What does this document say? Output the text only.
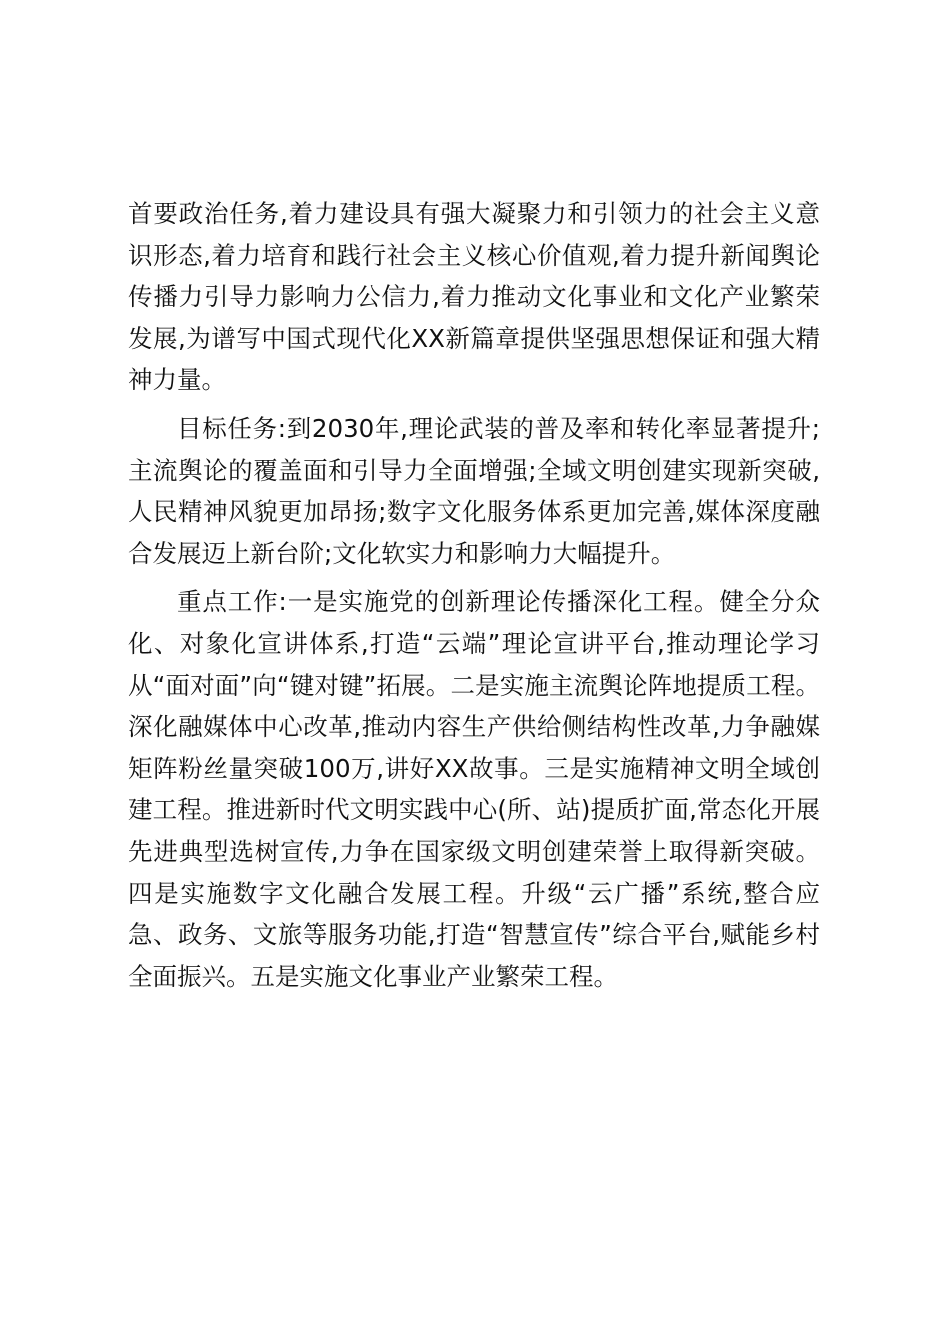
首要政治任务,着力建设具有强大凝聚力和引领力的社会主义意识形态,着力培育和践行社会主义核心价值观,着力提升新闻舆论传播力引导力影响力公信力,着力推动文化事业和文化产业繁荣发展,为谱写中国式现代化XX新篇章提供坚强思想保证和强大精神力量。

目标任务:到2030年,理论武装的普及率和转化率显著提升;主流舆论的覆盖面和引导力全面增强;全域文明创建实现新突破,人民精神风貌更加昂扬;数字文化服务体系更加完善,媒体深度融合发展迈上新台阶;文化软实力和影响力大幅提升。

重点工作:一是实施党的创新理论传播深化工程。健全分众化、对象化宣讲体系,打造“云端”理论宣讲平台,推动理论学习从“面对面”向“键对键”拓展。二是实施主流舆论阵地提质工程。深化融媒体中心改革,推动内容生产供给侧结构性改革,力争融媒矩阵粉丝量突破100万,讲好XX故事。三是实施精神文明全域创建工程。推进新时代文明实践中心(所、站)提质扩面,常态化开展先进典型选树宣传,力争在国家级文明创建荣誉上取得新突破。四是实施数字文化融合发展工程。升级“云广播”系统,整合应急、政务、文旅等服务功能,打造“智慧宣传”综合平台,赋能乡村全面振兴。五是实施文化事业产业繁荣工程。
